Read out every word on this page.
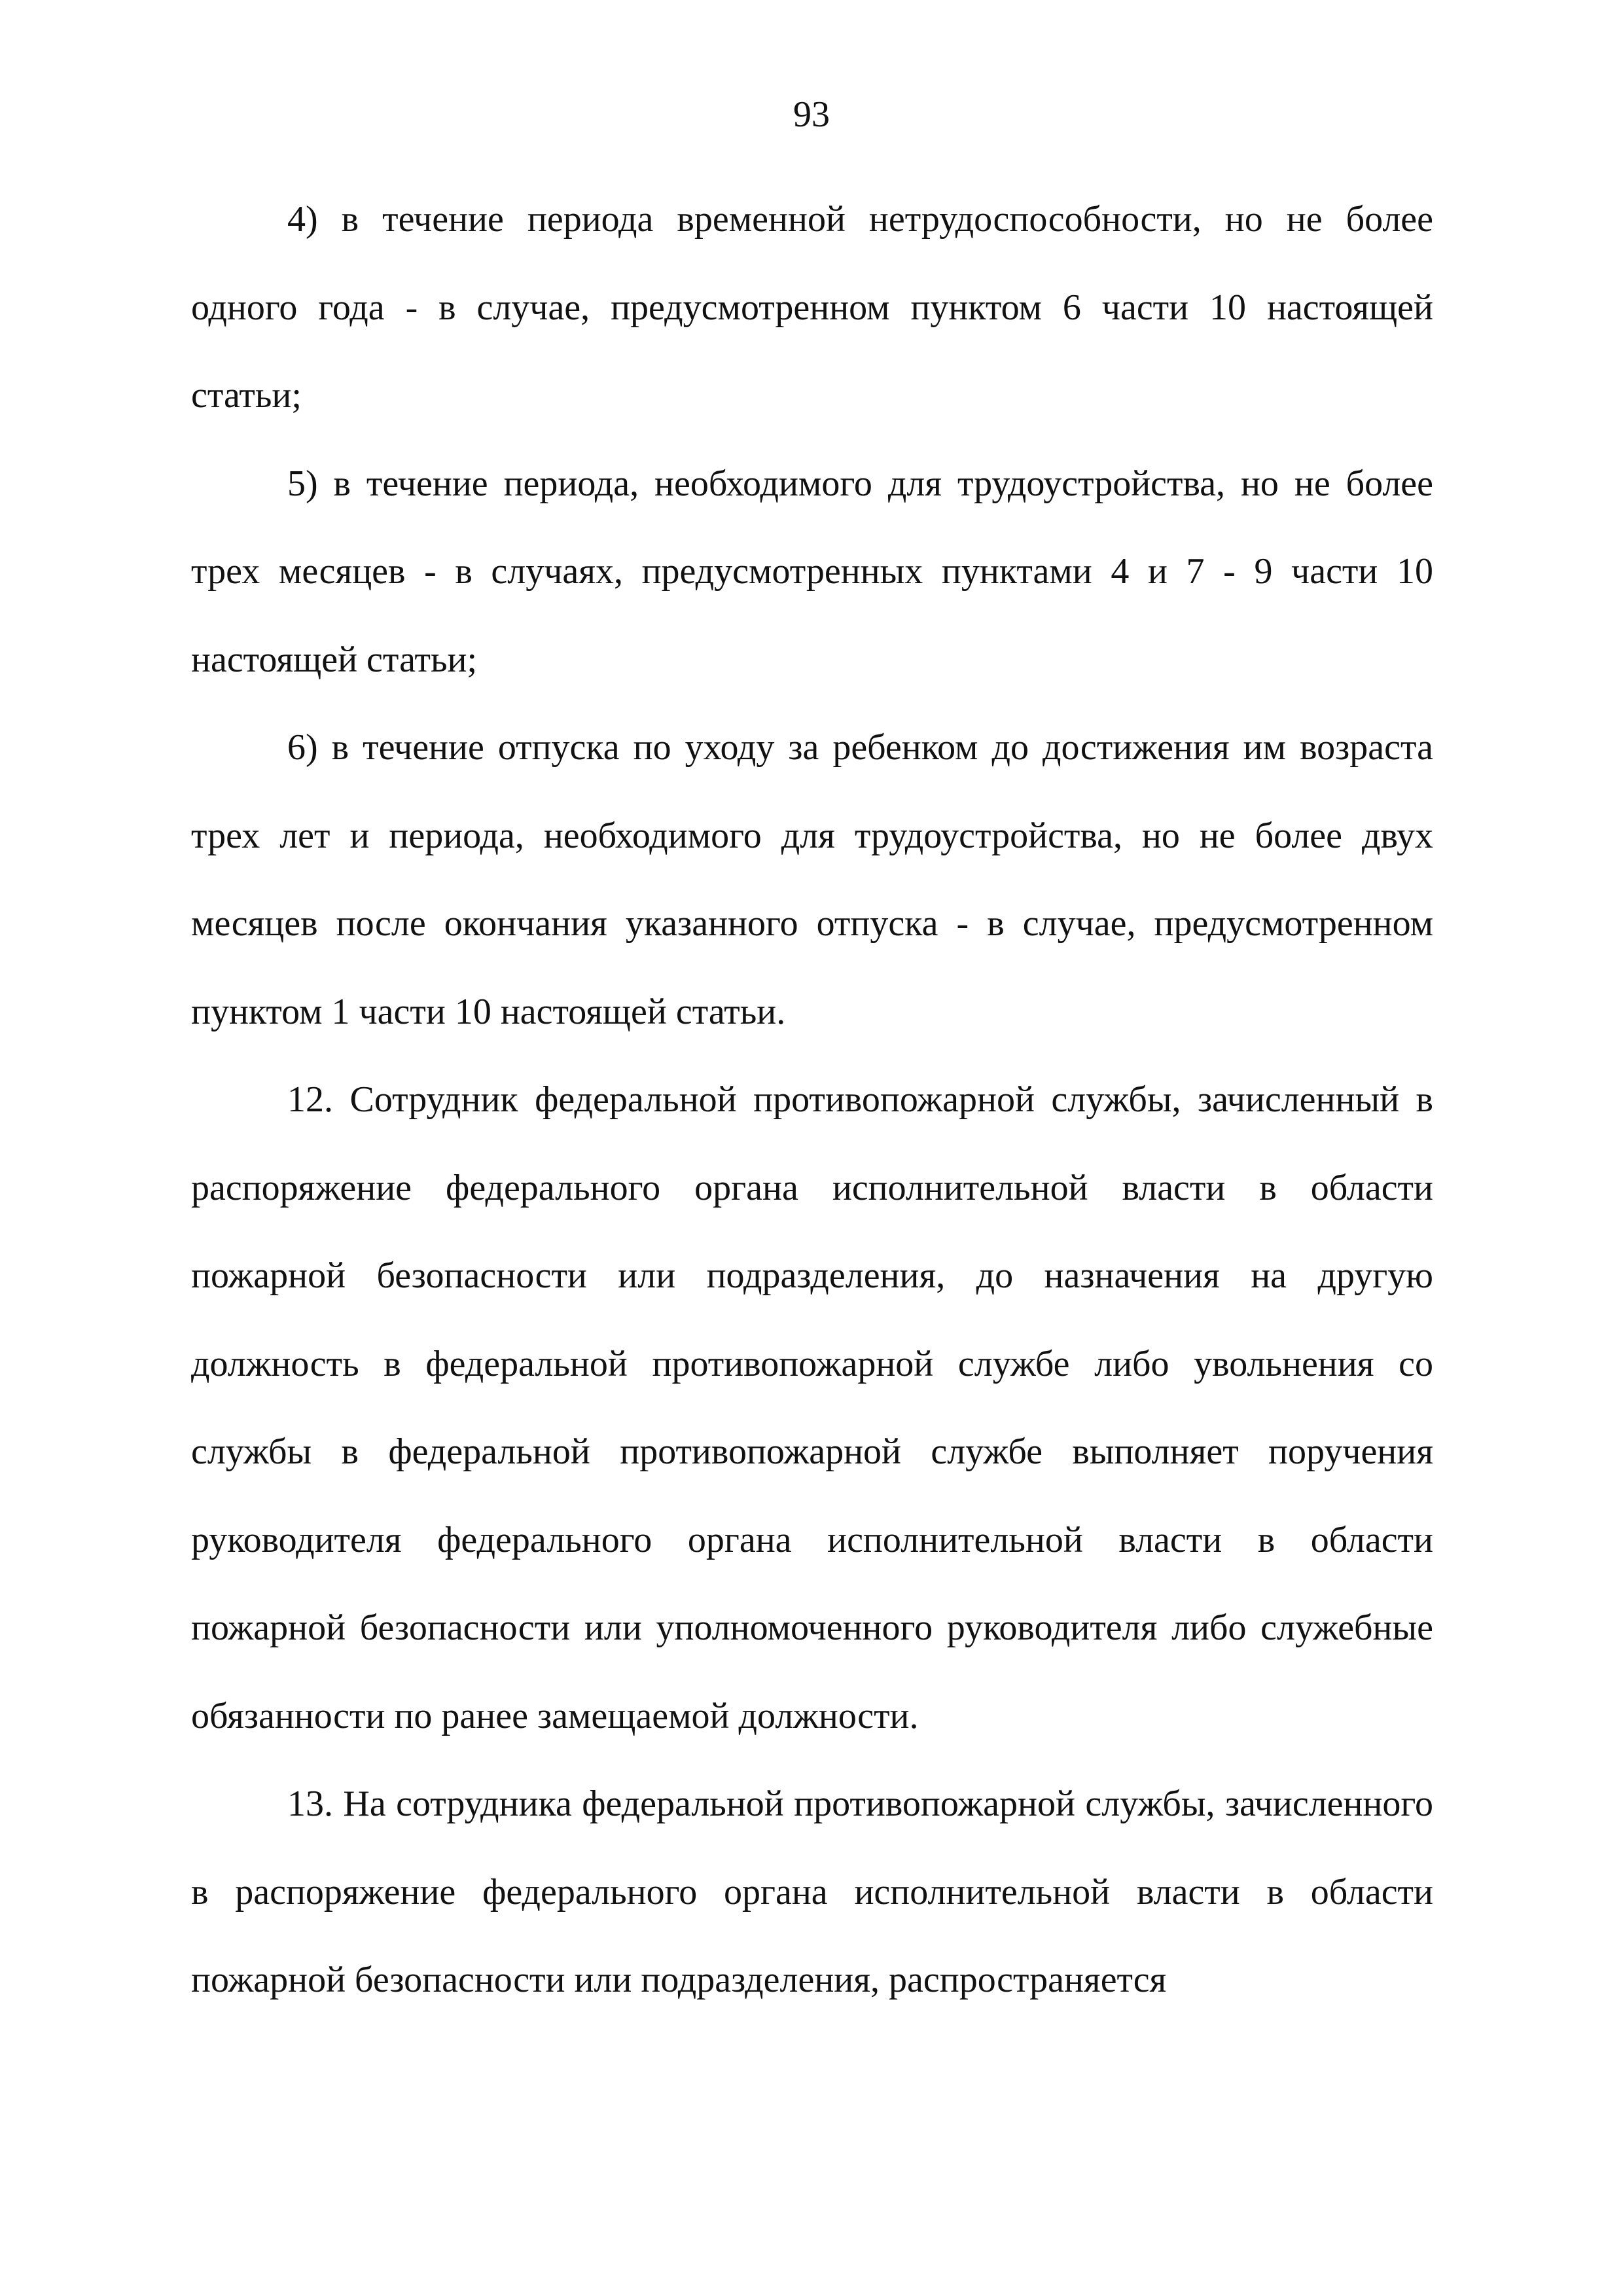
93

4) в течение периода временной нетрудоспособности, но не более одного года - в случае, предусмотренном пунктом 6 части 10 настоящей статьи;

5) в течение периода, необходимого для трудоустройства, но не более трех месяцев - в случаях, предусмотренных пунктами 4 и 7 - 9 части 10 настоящей статьи;

6) в течение отпуска по уходу за ребенком до достижения им возраста трех лет и периода, необходимого для трудоустройства, но не более двух месяцев после окончания указанного отпуска - в случае, предусмотренном пунктом 1 части 10 настоящей статьи.

12. Сотрудник федеральной противопожарной службы, зачисленный в распоряжение федерального органа исполнительной власти в области пожарной безопасности или подразделения, до назначения на другую должность в федеральной противопожарной службе либо увольнения со службы в федеральной противопожарной службе выполняет поручения руководителя федерального органа исполнительной власти в области пожарной безопасности или уполномоченного руководителя либо служебные обязанности по ранее замещаемой должности.

13. На сотрудника федеральной противопожарной службы, зачисленного в распоряжение федерального органа исполнительной власти в области пожарной безопасности или подразделения, распространяется
